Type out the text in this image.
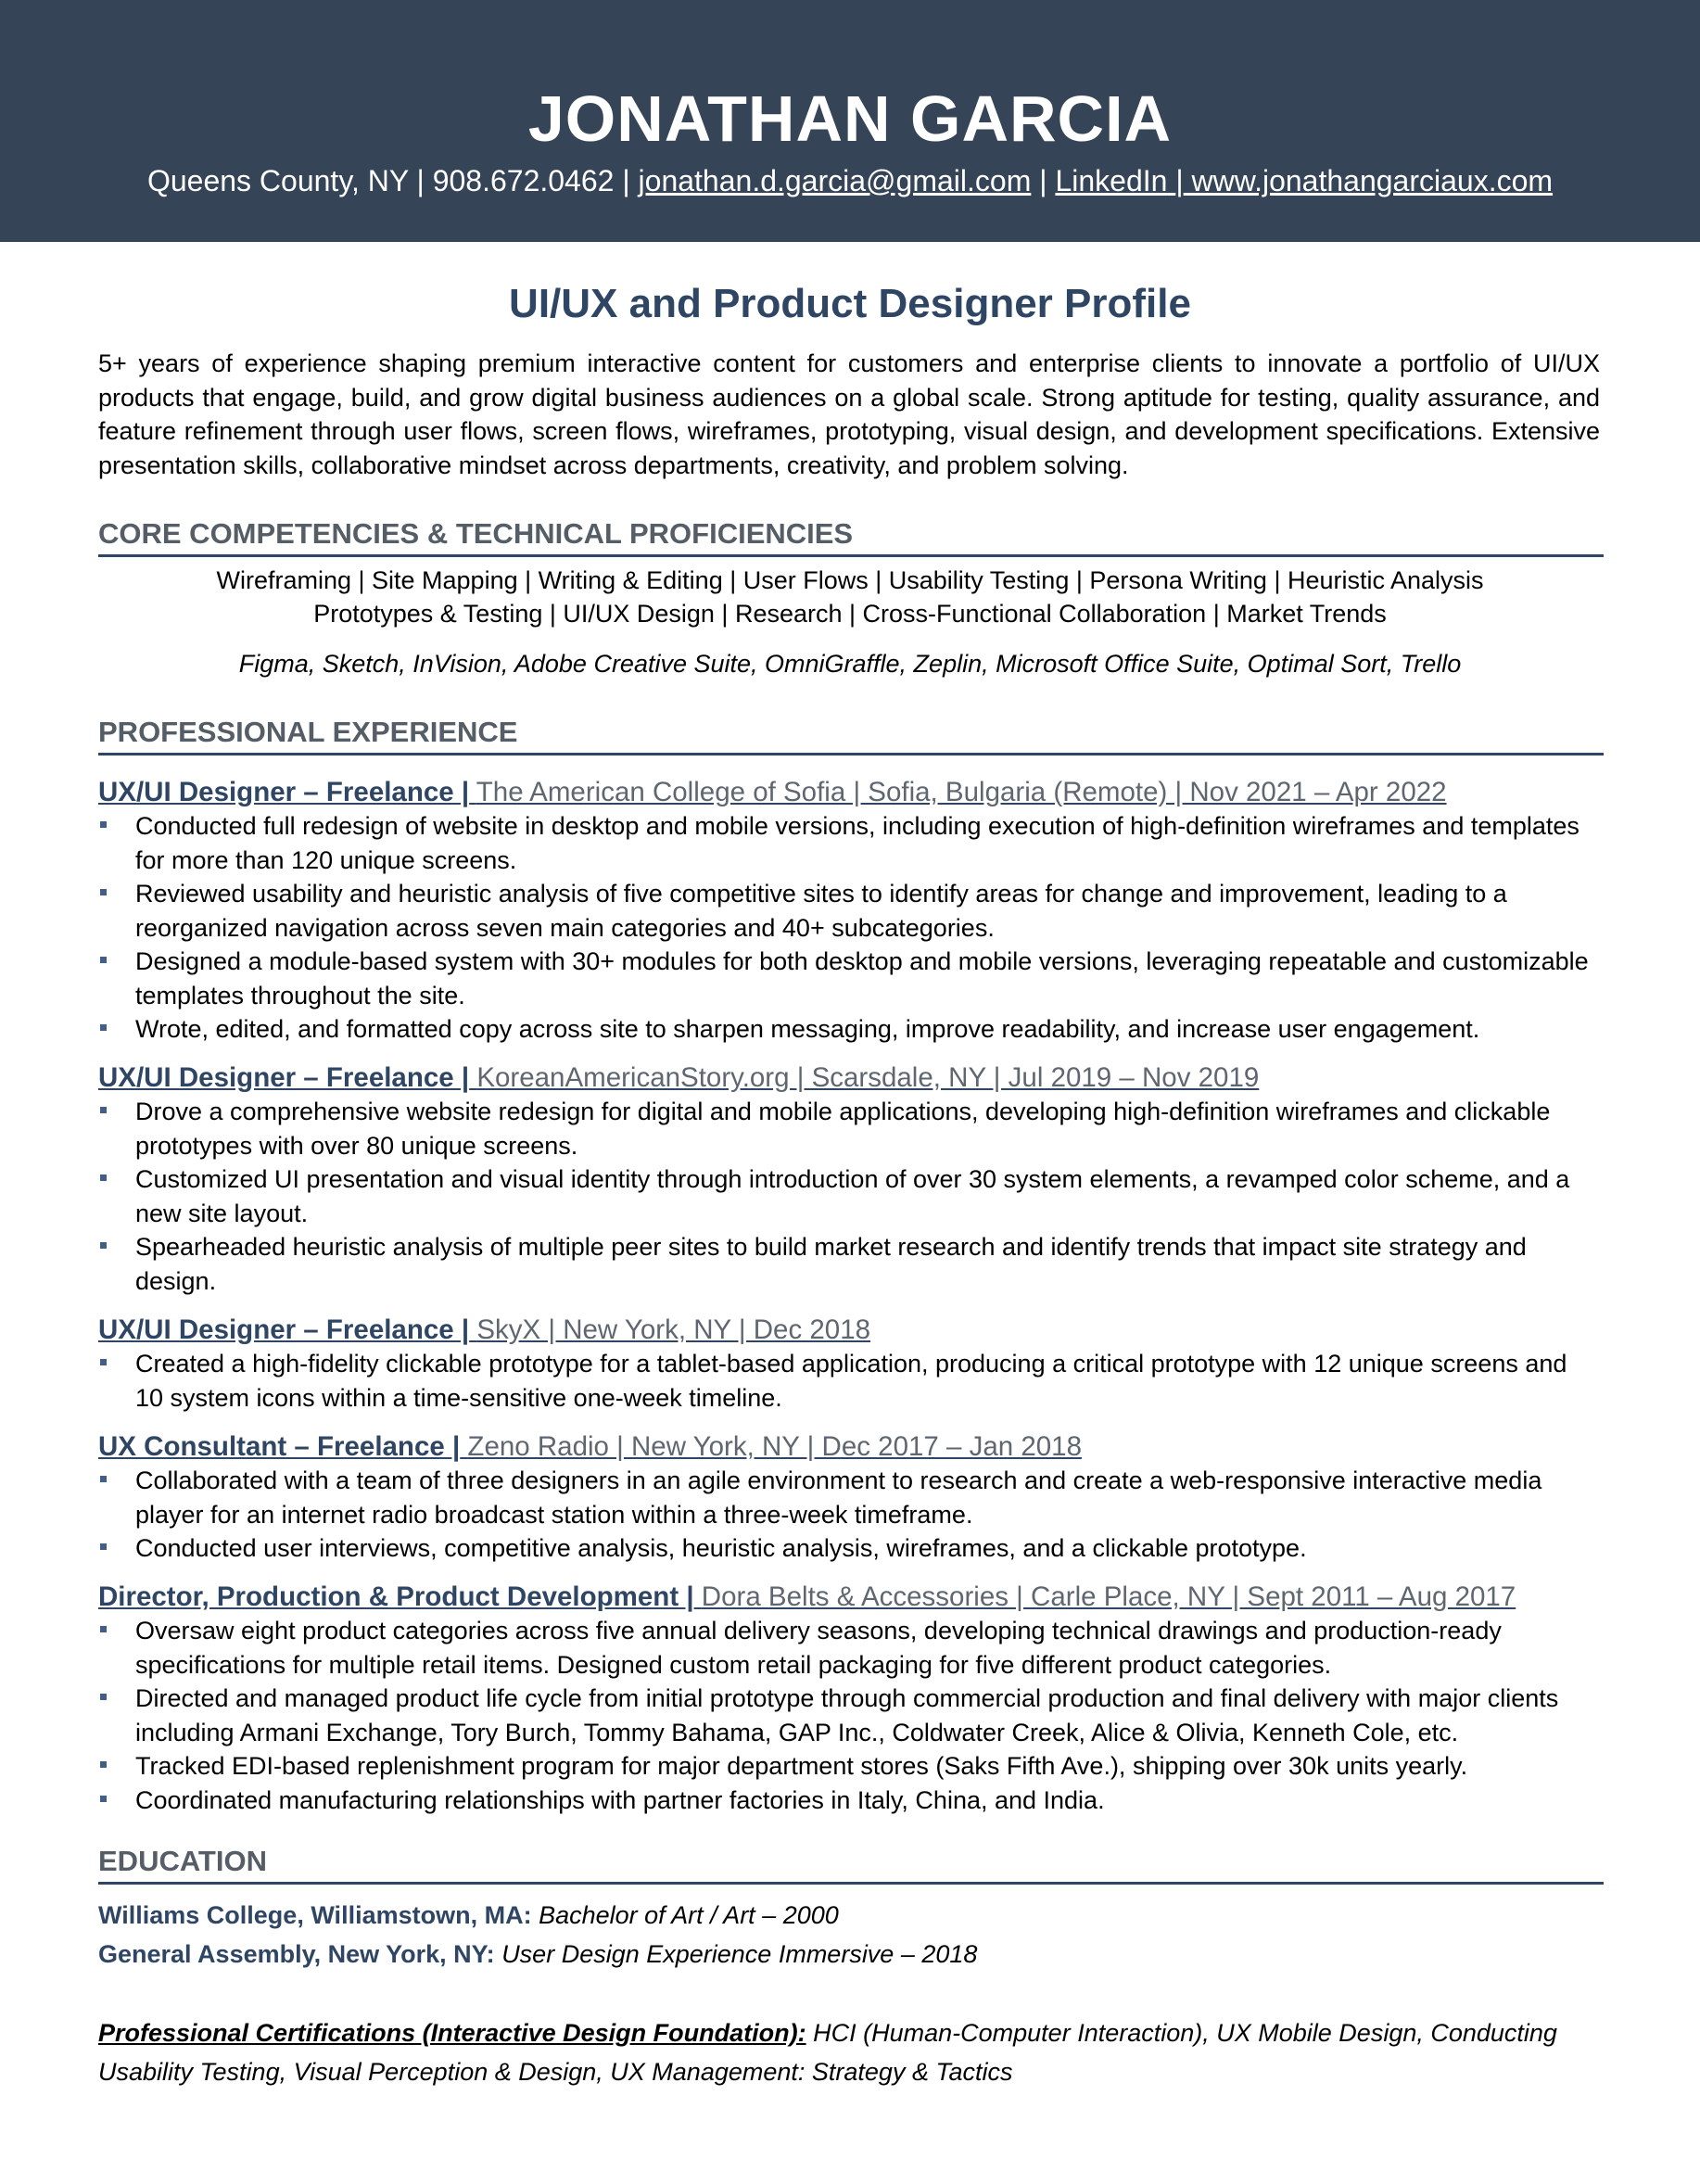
JONATHAN GARCIA
Queens County, NY | 908.672.0462 | jonathan.d.garcia@gmail.com | LinkedIn | www.jonathangarciaux.com
UI/UX and Product Designer Profile
5+ years of experience shaping premium interactive content for customers and enterprise clients to innovate a portfolio of UI/UX products that engage, build, and grow digital business audiences on a global scale. Strong aptitude for testing, quality assurance, and feature refinement through user flows, screen flows, wireframes, prototyping, visual design, and development specifications. Extensive presentation skills, collaborative mindset across departments, creativity, and problem solving.
CORE COMPETENCIES & TECHNICAL PROFICIENCIES
Wireframing | Site Mapping | Writing & Editing | User Flows | Usability Testing | Persona Writing | Heuristic Analysis
Prototypes & Testing | UI/UX Design | Research | Cross-Functional Collaboration | Market Trends
Figma, Sketch, InVision, Adobe Creative Suite, OmniGraffle, Zeplin, Microsoft Office Suite, Optimal Sort, Trello
PROFESSIONAL EXPERIENCE
UX/UI Designer – Freelance | The American College of Sofia | Sofia, Bulgaria (Remote) | Nov 2021 – Apr 2022
Conducted full redesign of website in desktop and mobile versions, including execution of high-definition wireframes and templates for more than 120 unique screens.
Reviewed usability and heuristic analysis of five competitive sites to identify areas for change and improvement, leading to a reorganized navigation across seven main categories and 40+ subcategories.
Designed a module-based system with 30+ modules for both desktop and mobile versions, leveraging repeatable and customizable templates throughout the site.
Wrote, edited, and formatted copy across site to sharpen messaging, improve readability, and increase user engagement.
UX/UI Designer – Freelance | KoreanAmericanStory.org | Scarsdale, NY | Jul 2019 – Nov 2019
Drove a comprehensive website redesign for digital and mobile applications, developing high-definition wireframes and clickable prototypes with over 80 unique screens.
Customized UI presentation and visual identity through introduction of over 30 system elements, a revamped color scheme, and a new site layout.
Spearheaded heuristic analysis of multiple peer sites to build market research and identify trends that impact site strategy and design.
UX/UI Designer – Freelance | SkyX | New York, NY | Dec 2018
Created a high-fidelity clickable prototype for a tablet-based application, producing a critical prototype with 12 unique screens and 10 system icons within a time-sensitive one-week timeline.
UX Consultant – Freelance | Zeno Radio | New York, NY | Dec 2017 – Jan 2018
Collaborated with a team of three designers in an agile environment to research and create a web-responsive interactive media player for an internet radio broadcast station within a three-week timeframe.
Conducted user interviews, competitive analysis, heuristic analysis, wireframes, and a clickable prototype.
Director, Production & Product Development | Dora Belts & Accessories | Carle Place, NY | Sept 2011 – Aug 2017
Oversaw eight product categories across five annual delivery seasons, developing technical drawings and production-ready specifications for multiple retail items. Designed custom retail packaging for five different product categories.
Directed and managed product life cycle from initial prototype through commercial production and final delivery with major clients including Armani Exchange, Tory Burch, Tommy Bahama, GAP Inc., Coldwater Creek, Alice & Olivia, Kenneth Cole, etc.
Tracked EDI-based replenishment program for major department stores (Saks Fifth Ave.), shipping over 30k units yearly.
Coordinated manufacturing relationships with partner factories in Italy, China, and India.
EDUCATION
Williams College, Williamstown, MA: Bachelor of Art / Art – 2000
General Assembly, New York, NY: User Design Experience Immersive – 2018
Professional Certifications (Interactive Design Foundation): HCI (Human-Computer Interaction), UX Mobile Design, Conducting Usability Testing, Visual Perception & Design, UX Management: Strategy & Tactics
